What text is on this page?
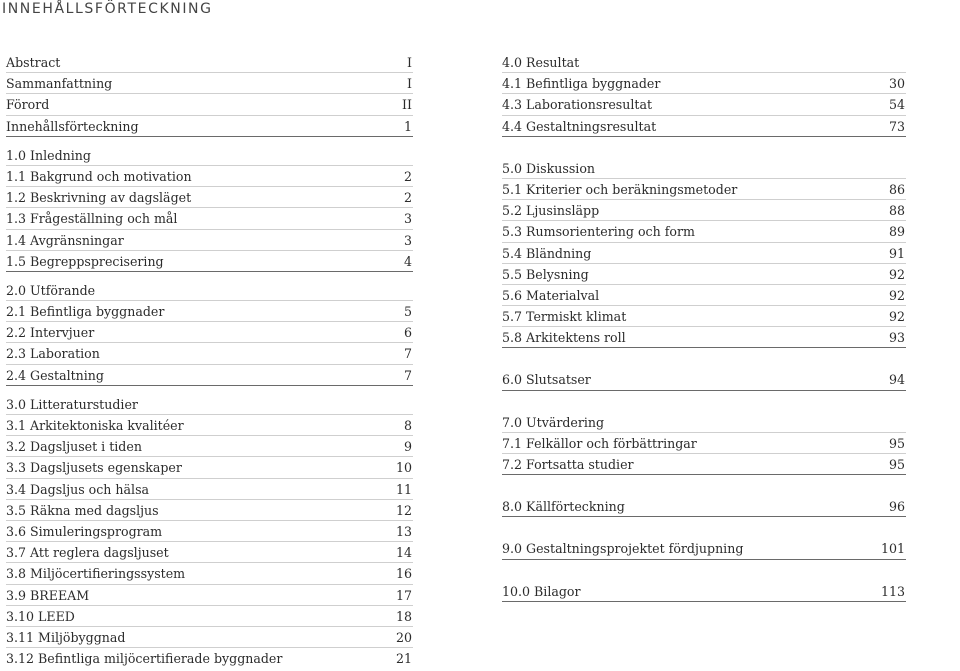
INNEHÅLLSFÖRTECKNING
Abstract	I
Sammanfattning	I
Förord	II
Innehållsförteckning	1
1.0 Inledning
1.1 Bakgrund och motivation	2
1.2 Beskrivning av dagsläget	2
1.3 Frågeställning och mål	3
1.4 Avgränsningar	3
1.5 Begreppsprecisering	4
2.0 Utförande
2.1 Befintliga byggnader	5
2.2 Intervjuer	6
2.3 Laboration	7
2.4 Gestaltning	7
3.0 Litteraturstudier
3.1 Arkitektoniska kvalitéer	8
3.2 Dagsljuset i tiden	9
3.3 Dagsljusets egenskaper	10
3.4 Dagsljus och hälsa	11
3.5 Räkna med dagsljus	12
3.6 Simuleringsprogram	13
3.7 Att reglera dagsljuset	14
3.8 Miljöcertifieringssystem	16
3.9 BREEAM	17
3.10 LEED	18
3.11 Miljöbyggnad	20
3.12 Befintliga miljöcertifierade byggnader	21
4.0 Resultat
4.1 Befintliga byggnader	30
4.3 Laborationsresultat	54
4.4 Gestaltningsresultat	73
5.0 Diskussion
5.1 Kriterier och beräkningsmetoder	86
5.2 Ljusinsläpp	88
5.3 Rumsorientering och form	89
5.4 Bländning	91
5.5 Belysning	92
5.6 Materialval	92
5.7 Termiskt klimat	92
5.8 Arkitektens roll	93
6.0 Slutsatser	94
7.0 Utvärdering
7.1 Felkällor och förbättringar	95
7.2 Fortsatta studier	95
8.0 Källförteckning	96
9.0 Gestaltningsprojektet fördjupning	101
10.0 Bilagor	113
